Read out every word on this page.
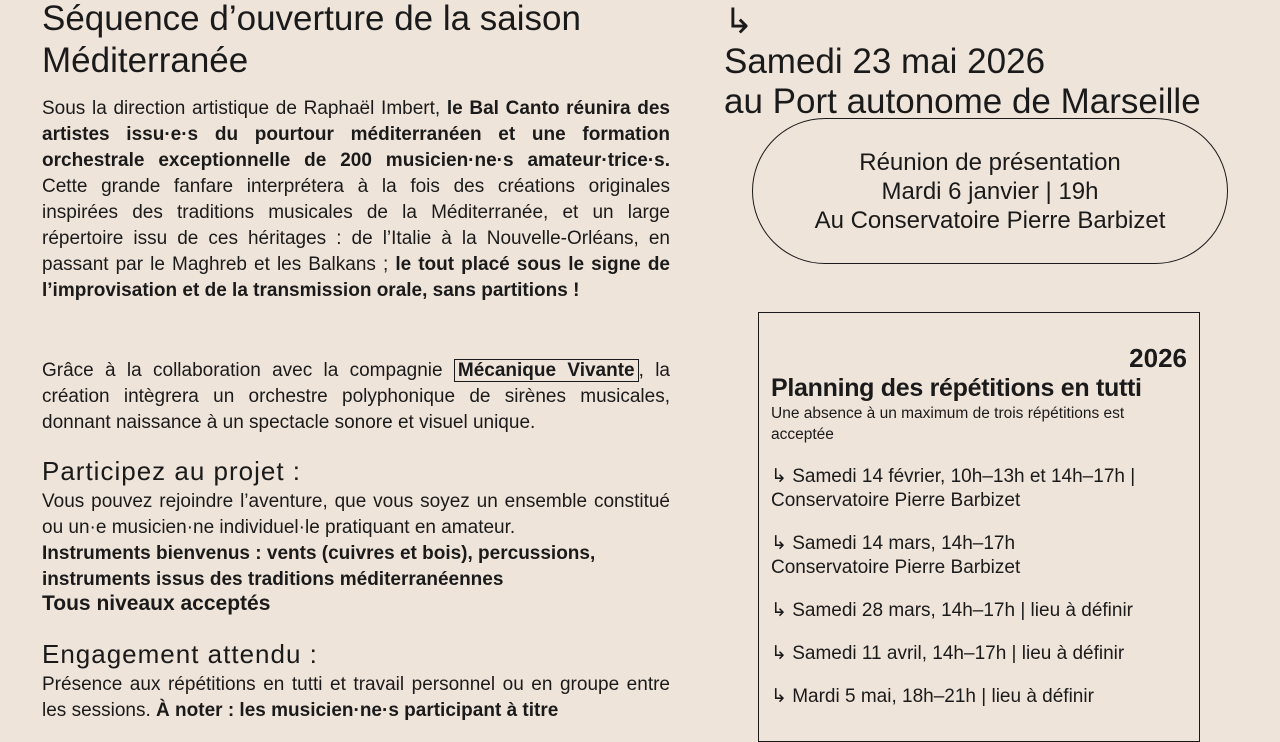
Séquence d’ouverture de la saison
Méditerranée

Sous la direction artistique de Raphaël Imbert, le Bal Canto réunira des artistes issu·e·s du pourtour méditerranéen et une formation orchestrale exceptionnelle de 200 musicien·ne·s amateur·trice·s. Cette grande fanfare interprétera à la fois des créations originales inspirées des traditions musicales de la Méditerranée, et un large répertoire issu de ces héritages : de l’Italie à la Nouvelle-Orléans, en passant par le Maghreb et les Balkans ; le tout placé sous le signe de l’improvisation et de la transmission orale, sans partitions !

Grâce à la collaboration avec la compagnie Mécanique Vivante , la création intègrera un orchestre polyphonique de sirènes musicales, donnant naissance à un spectacle sonore et visuel unique.

Participez au projet :

Vous pouvez rejoindre l’aventure, que vous soyez un ensemble constitué ou un·e musicien·ne individuel·le pratiquant en amateur.

Instruments bienvenus : vents (cuivres et bois), percussions, instruments issus des traditions méditerranéennes

Tous niveaux acceptés

Engagement attendu :

Présence aux répétitions en tutti et travail personnel ou en groupe entre les sessions. À noter : les musicien·ne·s participant à titre

↳
Samedi 23 mai 2026
au Port autonome de Marseille
Réunion de présentation
Mardi 6 janvier | 19h
Au Conservatoire Pierre Barbizet

2026

Planning des répétitions en tutti

Une absence à un maximum de trois répétitions est acceptée

↳ Samedi 14 février, 10h–13h et 14h–17h |
Conservatoire Pierre Barbizet
↳ Samedi 14 mars, 14h–17h
Conservatoire Pierre Barbizet
↳ Samedi 28 mars, 14h–17h | lieu à définir
↳ Samedi 11 avril, 14h–17h | lieu à définir
↳ Mardi 5 mai, 18h–21h | lieu à définir
